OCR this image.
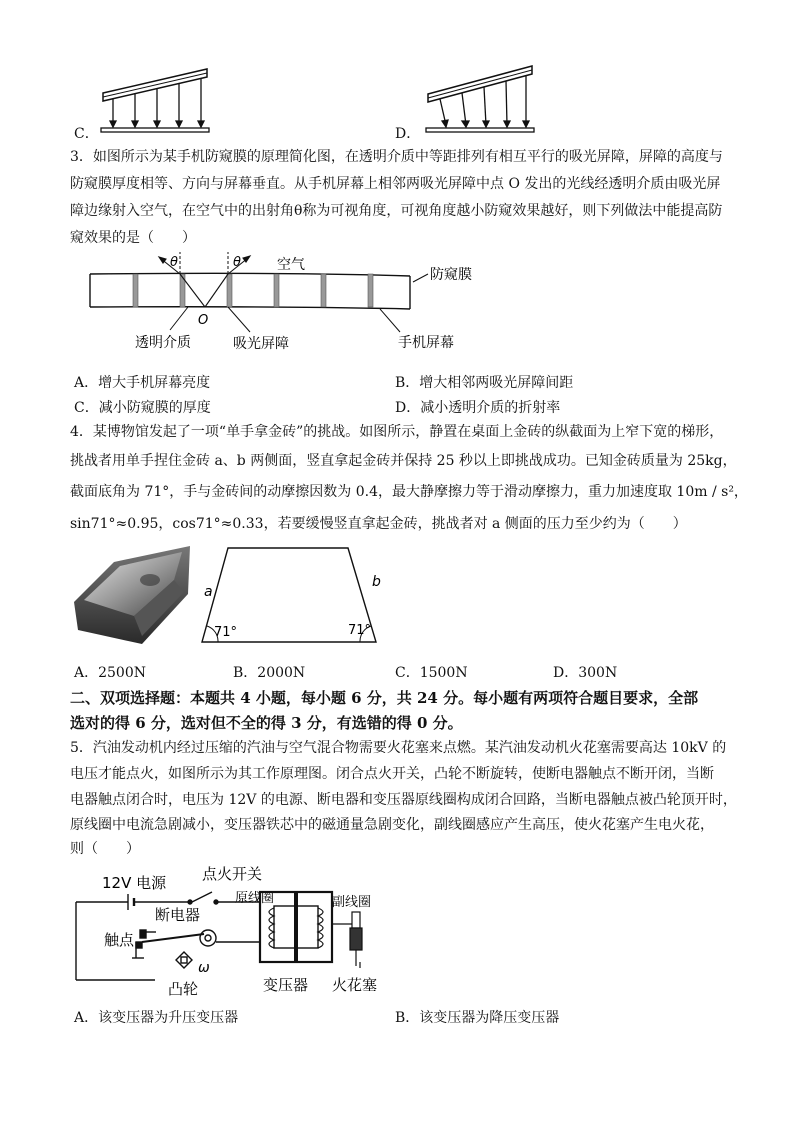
C．	D．
3．如图所示为某手机防窥膜的原理简化图，在透明介质中等距排列有相互平行的吸光屏障，屏障的高度与
防窥膜厚度相等、方向与屏幕垂直。从手机屏幕上相邻两吸光屏障中点 O 发出的光线经透明介质由吸光屏
障边缘射入空气，在空气中的出射角θ称为可视角度，可视角度越小防窥效果越好，则下列做法中能提高防
窥效果的是（　　）
θ	θ	空气
O
防窥膜
透明介质	吸光屏障	手机屏幕
A．增大手机屏幕亮度	B．增大相邻两吸光屏障间距
C．减小防窥膜的厚度	D．减小透明介质的折射率
4．某博物馆发起了一项“单手拿金砖”的挑战。如图所示，静置在桌面上金砖的纵截面为上窄下宽的梯形，
挑战者用单手捏住金砖 a、b 两侧面，竖直拿起金砖并保持 25 秒以上即挑战成功。已知金砖质量为 25kg，
截面底角为 71°，手与金砖间的动摩擦因数为 0.4，最大静摩擦力等于滑动摩擦力，重力加速度取 10m / s²，
sin71°≈0.95，cos71°≈0.33，若要缓慢竖直拿起金砖，挑战者对 a 侧面的压力至少约为（　　）
a
b
71°	71°
A．2500N	B．2000N	C．1500N	D．300N
二、双项选择题：本题共 4 小题，每小题 6 分，共 24 分。每小题有两项符合题目要求，全部
选对的得 6 分，选对但不全的得 3 分，有选错的得 0 分。
5．汽油发动机内经过压缩的汽油与空气混合物需要火花塞来点燃。某汽油发动机火花塞需要高达 10kV 的
电压才能点火，如图所示为其工作原理图。闭合点火开关，凸轮不断旋转，使断电器触点不断开闭，当断
电器触点闭合时，电压为 12V 的电源、断电器和变压器原线圈构成闭合回路，当断电器触点被凸轮顶开时，
原线圈中电流急剧减小，变压器铁芯中的磁通量急剧变化，副线圈感应产生高压，使火花塞产生电火花，
则（　　）
12V 电源 点火开关
断电器
触点
凸轮	变压器 火花塞
ω
原线圈	副线圈
A．该变压器为升压变压器	B．该变压器为降压变压器
